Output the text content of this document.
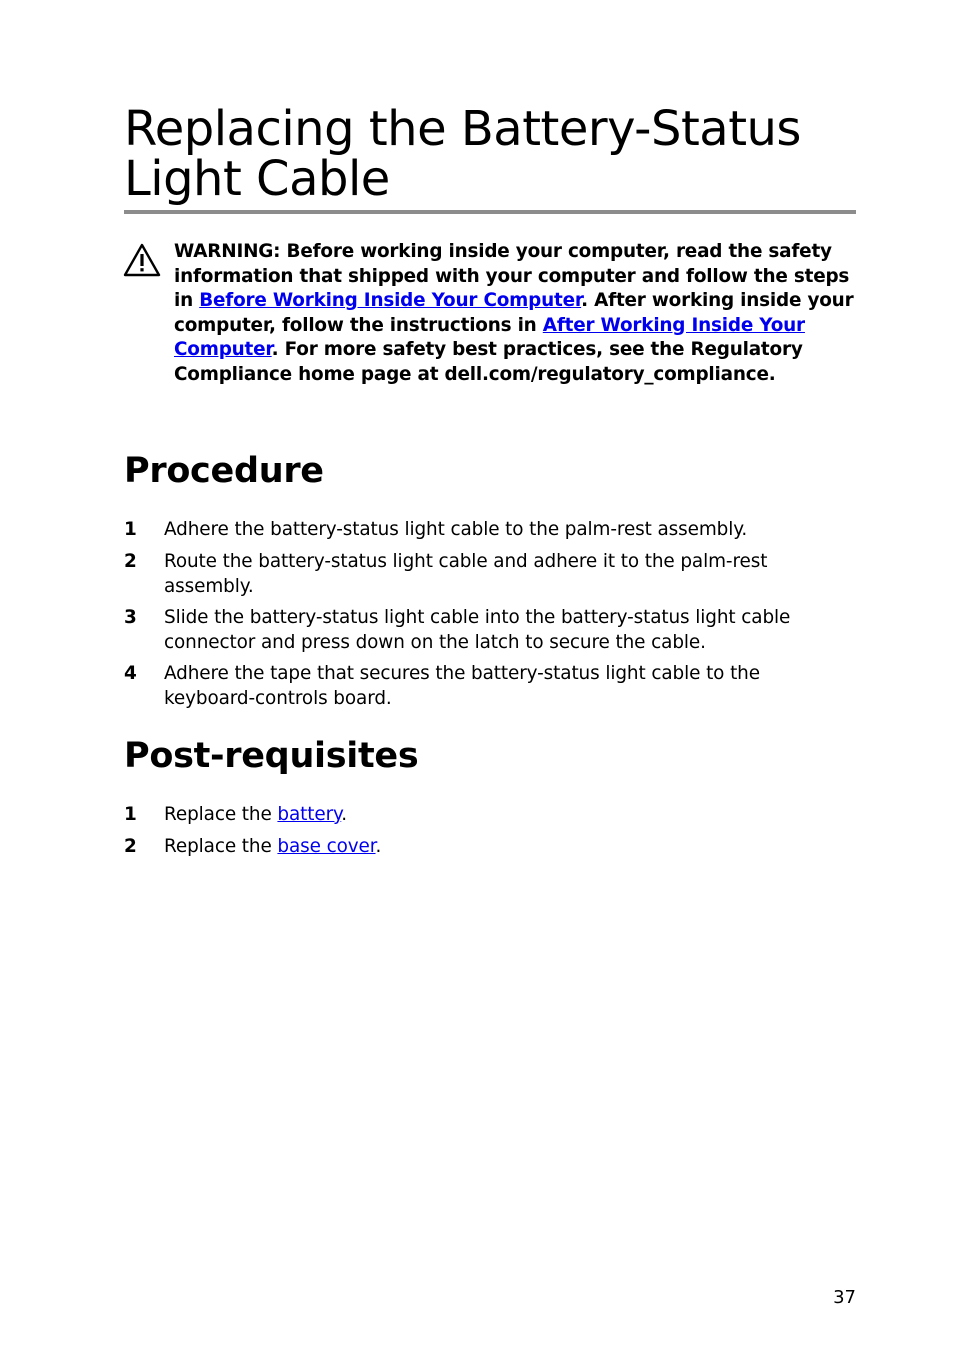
Replacing the Battery-Status
Light Cable

WARNING: Before working inside your computer, read the safety information that shipped with your computer and follow the steps in Before Working Inside Your Computer. After working inside your computer, follow the instructions in After Working Inside Your Computer. For more safety best practices, see the Regulatory Compliance home page at dell.com/regulatory_compliance.

Procedure
1	Adhere the battery-status light cable to the palm-rest assembly.
2	Route the battery-status light cable and adhere it to the palm-rest assembly.
3	Slide the battery-status light cable into the battery-status light cable connector and press down on the latch to secure the cable.
4	Adhere the tape that secures the battery-status light cable to the keyboard-controls board.
Post-requisites
1	Replace the battery.
2	Replace the base cover.
37
